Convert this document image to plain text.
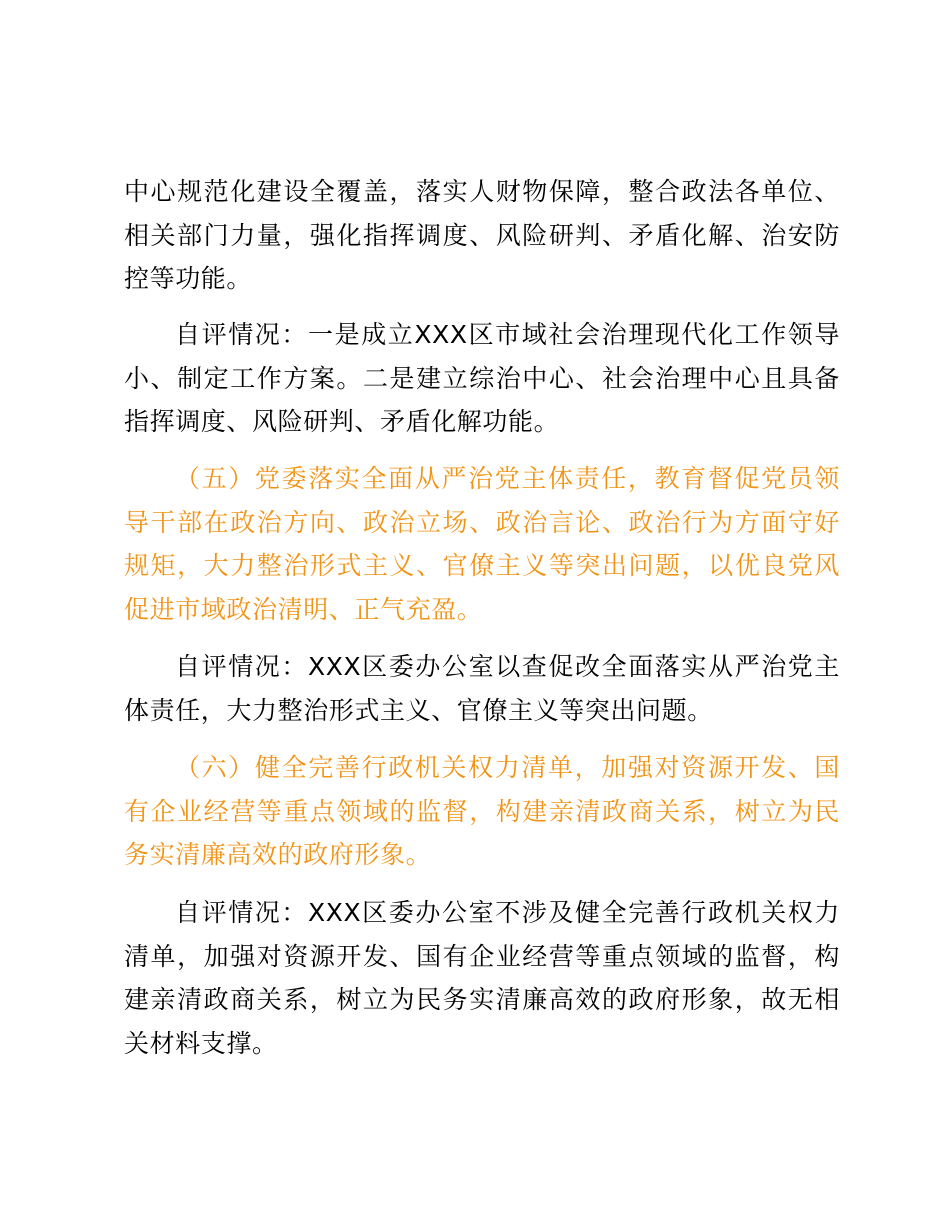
中心规范化建设全覆盖，落实人财物保障，整合政法各单位、相关部门力量，强化指挥调度、风险研判、矛盾化解、治安防控等功能。

自评情况：一是成立XXX区市域社会治理现代化工作领导小、制定工作方案。二是建立综治中心、社会治理中心且具备指挥调度、风险研判、矛盾化解功能。

（五）党委落实全面从严治党主体责任，教育督促党员领导干部在政治方向、政治立场、政治言论、政治行为方面守好规矩，大力整治形式主义、官僚主义等突出问题，以优良党风促进市域政治清明、正气充盈。

自评情况：XXX区委办公室以查促改全面落实从严治党主体责任，大力整治形式主义、官僚主义等突出问题。

（六）健全完善行政机关权力清单，加强对资源开发、国有企业经营等重点领域的监督，构建亲清政商关系，树立为民务实清廉高效的政府形象。

自评情况：XXX区委办公室不涉及健全完善行政机关权力清单，加强对资源开发、国有企业经营等重点领域的监督，构建亲清政商关系，树立为民务实清廉高效的政府形象，故无相关材料支撑。
